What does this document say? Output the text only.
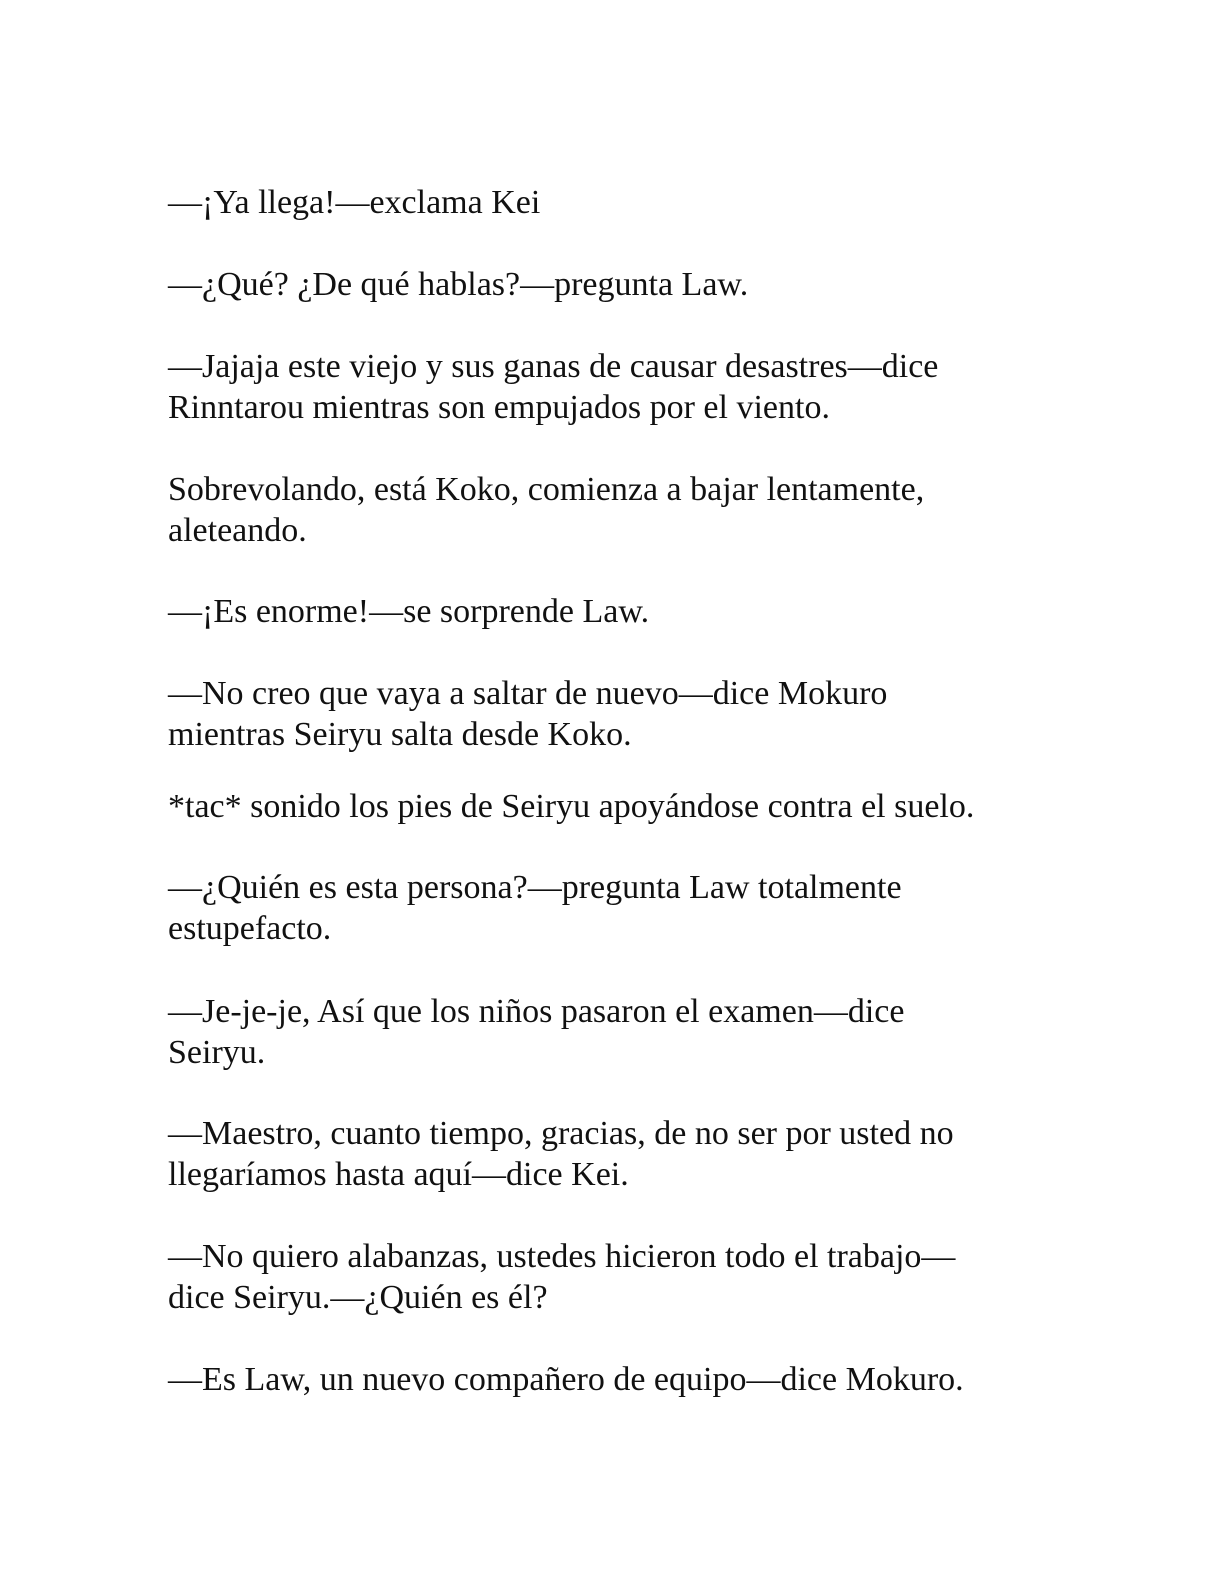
—¡Ya llega!—exclama Kei

—¿Qué? ¿De qué hablas?—pregunta Law.

—Jajaja este viejo y sus ganas de causar desastres—dice
Rinntarou mientras son empujados por el viento.

Sobrevolando, está Koko, comienza a bajar lentamente,
aleteando.

—¡Es enorme!—se sorprende Law.

—No creo que vaya a saltar de nuevo—dice Mokuro
mientras Seiryu salta desde Koko.

*tac* sonido los pies de Seiryu apoyándose contra el suelo.

—¿Quién es esta persona?—pregunta Law totalmente
estupefacto.

—Je-je-je, Así que los niños pasaron el examen—dice
Seiryu.

—Maestro, cuanto tiempo, gracias, de no ser por usted no
llegaríamos hasta aquí—dice Kei.

—No quiero alabanzas, ustedes hicieron todo el trabajo—
dice Seiryu.—¿Quién es él?

—Es Law, un nuevo compañero de equipo—dice Mokuro.
